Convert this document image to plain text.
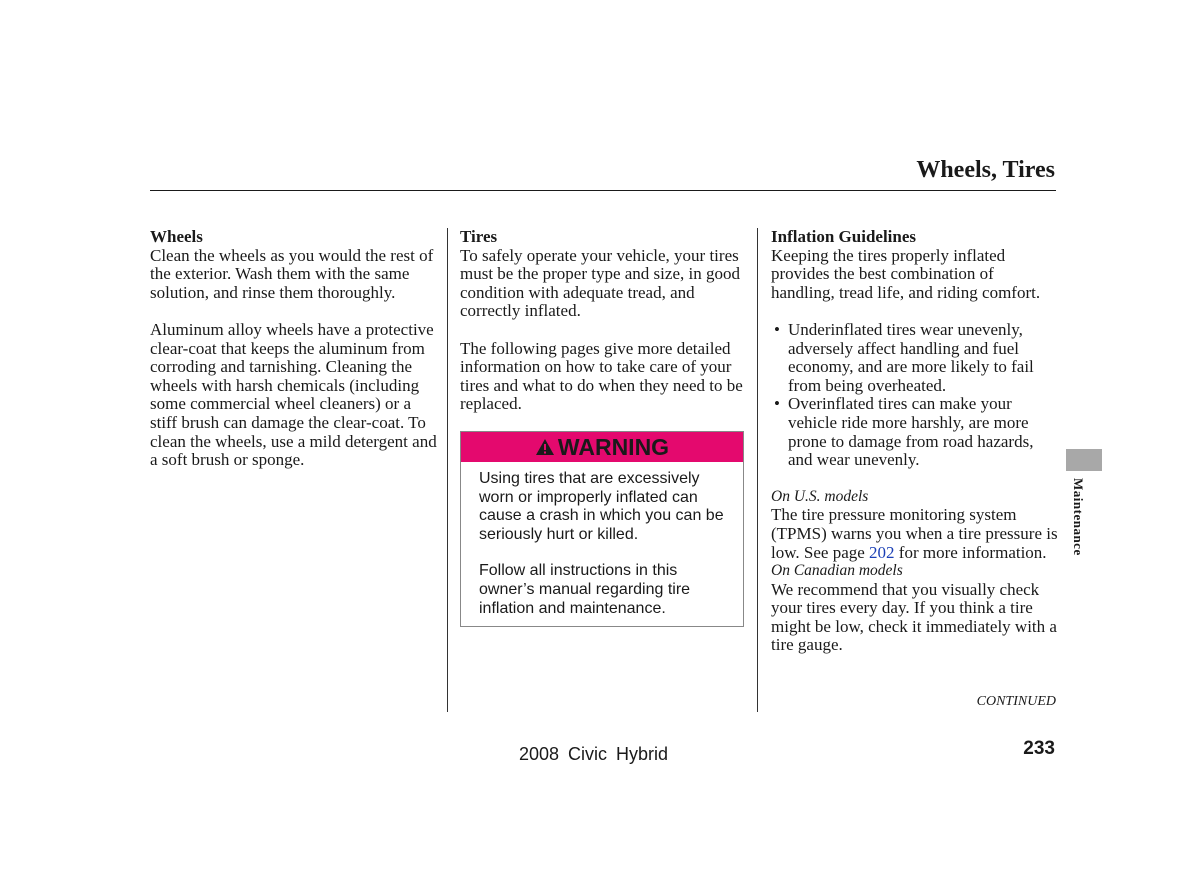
Wheels, Tires
Wheels

Clean the wheels as you would the rest of the exterior. Wash them with the same solution, and rinse them thoroughly.

Aluminum alloy wheels have a protective clear-coat that keeps the aluminum from corroding and tarnishing. Cleaning the wheels with harsh chemicals (including some commercial wheel cleaners) or a stiff brush can damage the clear-coat. To clean the wheels, use a mild detergent and a soft brush or sponge.

Tires

To safely operate your vehicle, your tires must be the proper type and size, in good condition with adequate tread, and correctly inflated.

The following pages give more detailed information on how to take care of your tires and what to do when they need to be replaced.

WARNING

Using tires that are excessively worn or improperly inflated can cause a crash in which you can be seriously hurt or killed.

Follow all instructions in this owner’s manual regarding tire inflation and maintenance.

Inflation Guidelines

Keeping the tires properly inflated provides the best combination of handling, tread life, and riding comfort.

• Underinflated tires wear unevenly, adversely affect handling and fuel economy, and are more likely to fail from being overheated.
• Overinflated tires can make your vehicle ride more harshly, are more prone to damage from road hazards, and wear unevenly.

On U.S. models

The tire pressure monitoring system (TPMS) warns you when a tire pressure is low. See page 202 for more information.

On Canadian models

We recommend that you visually check your tires every day. If you think a tire might be low, check it immediately with a tire gauge.

CONTINUED
Maintenance
2008 Civic Hybrid	233
